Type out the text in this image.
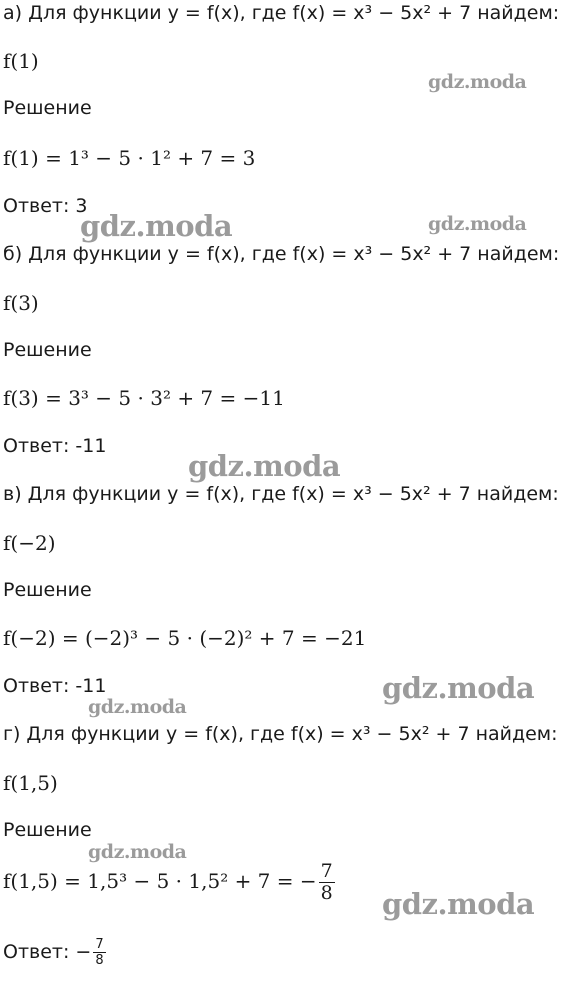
а) Для функции y = f(x), где f(x) = x³ − 5x² + 7 найдем:
f(1)
Решение
f(1) = 1³ − 5 · 1² + 7 = 3
Ответ: 3
б) Для функции y = f(x), где f(x) = x³ − 5x² + 7 найдем:
f(3)
Решение
f(3) = 3³ − 5 · 3² + 7 = −11
Ответ: -11
в) Для функции y = f(x), где f(x) = x³ − 5x² + 7 найдем:
f(−2)
Решение
f(−2) = (−2)³ − 5 · (−2)² + 7 = −21
Ответ: -11
г) Для функции y = f(x), где f(x) = x³ − 5x² + 7 найдем:
f(1,5)
Решение
f(1,5) = 1,5³ − 5 · 1,5² + 7 = − $\frac{7}{8}$
Ответ: − $\frac{7}{8}$
gdz.moda
gdz.moda	gdz.moda
gdz.moda
gdz.moda
gdz.moda
gdz.moda
gdz.moda
